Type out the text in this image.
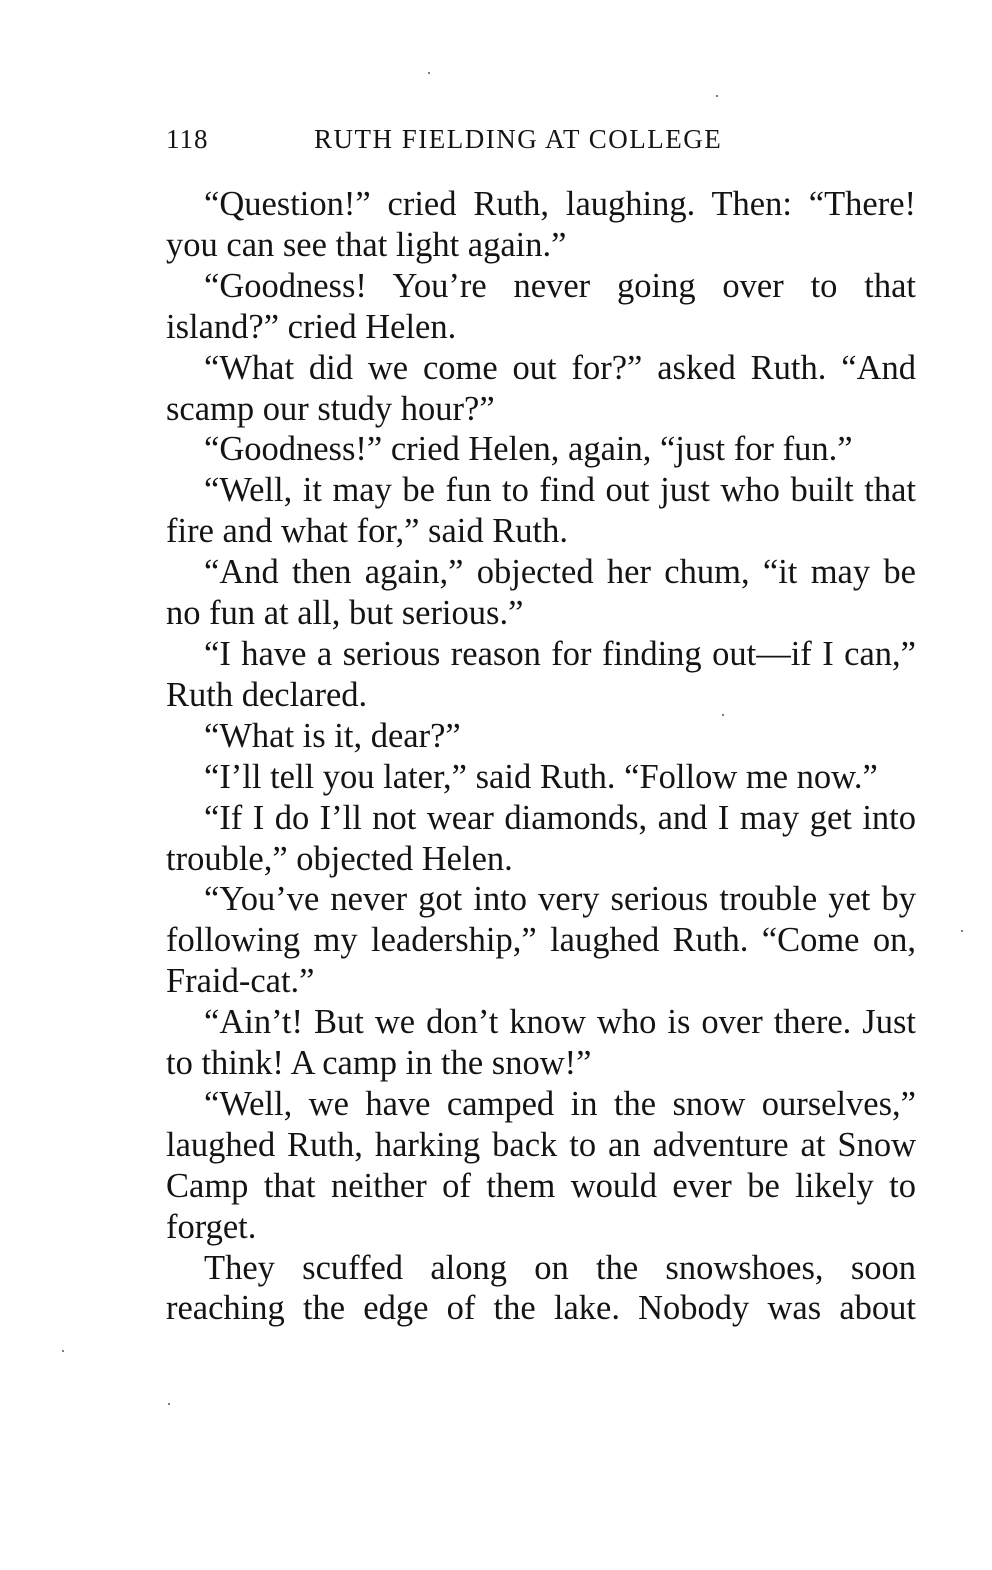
118	RUTH FIELDING AT COLLEGE

“Question!” cried Ruth, laughing. Then: “There! you can see that light again.”

“Goodness! You’re never going over to that island?” cried Helen.

“What did we come out for?” asked Ruth. “And scamp our study hour?”

“Goodness!” cried Helen, again, “just for fun.”

“Well, it may be fun to find out just who built that fire and what for,” said Ruth.

“And then again,” objected her chum, “it may be no fun at all, but serious.”

“I have a serious reason for finding out—if I can,” Ruth declared.

“What is it, dear?”

“I’ll tell you later,” said Ruth. “Follow me now.”

“If I do I’ll not wear diamonds, and I may get into trouble,” objected Helen.

“You’ve never got into very serious trouble yet by following my leadership,” laughed Ruth. “Come on, Fraid-cat.”

“Ain’t! But we don’t know who is over there. Just to think! A camp in the snow!”

“Well, we have camped in the snow ourselves,” laughed Ruth, harking back to an adventure at Snow Camp that neither of them would ever be likely to forget.

They scuffed along on the snowshoes, soon reaching the edge of the lake. Nobody was about
